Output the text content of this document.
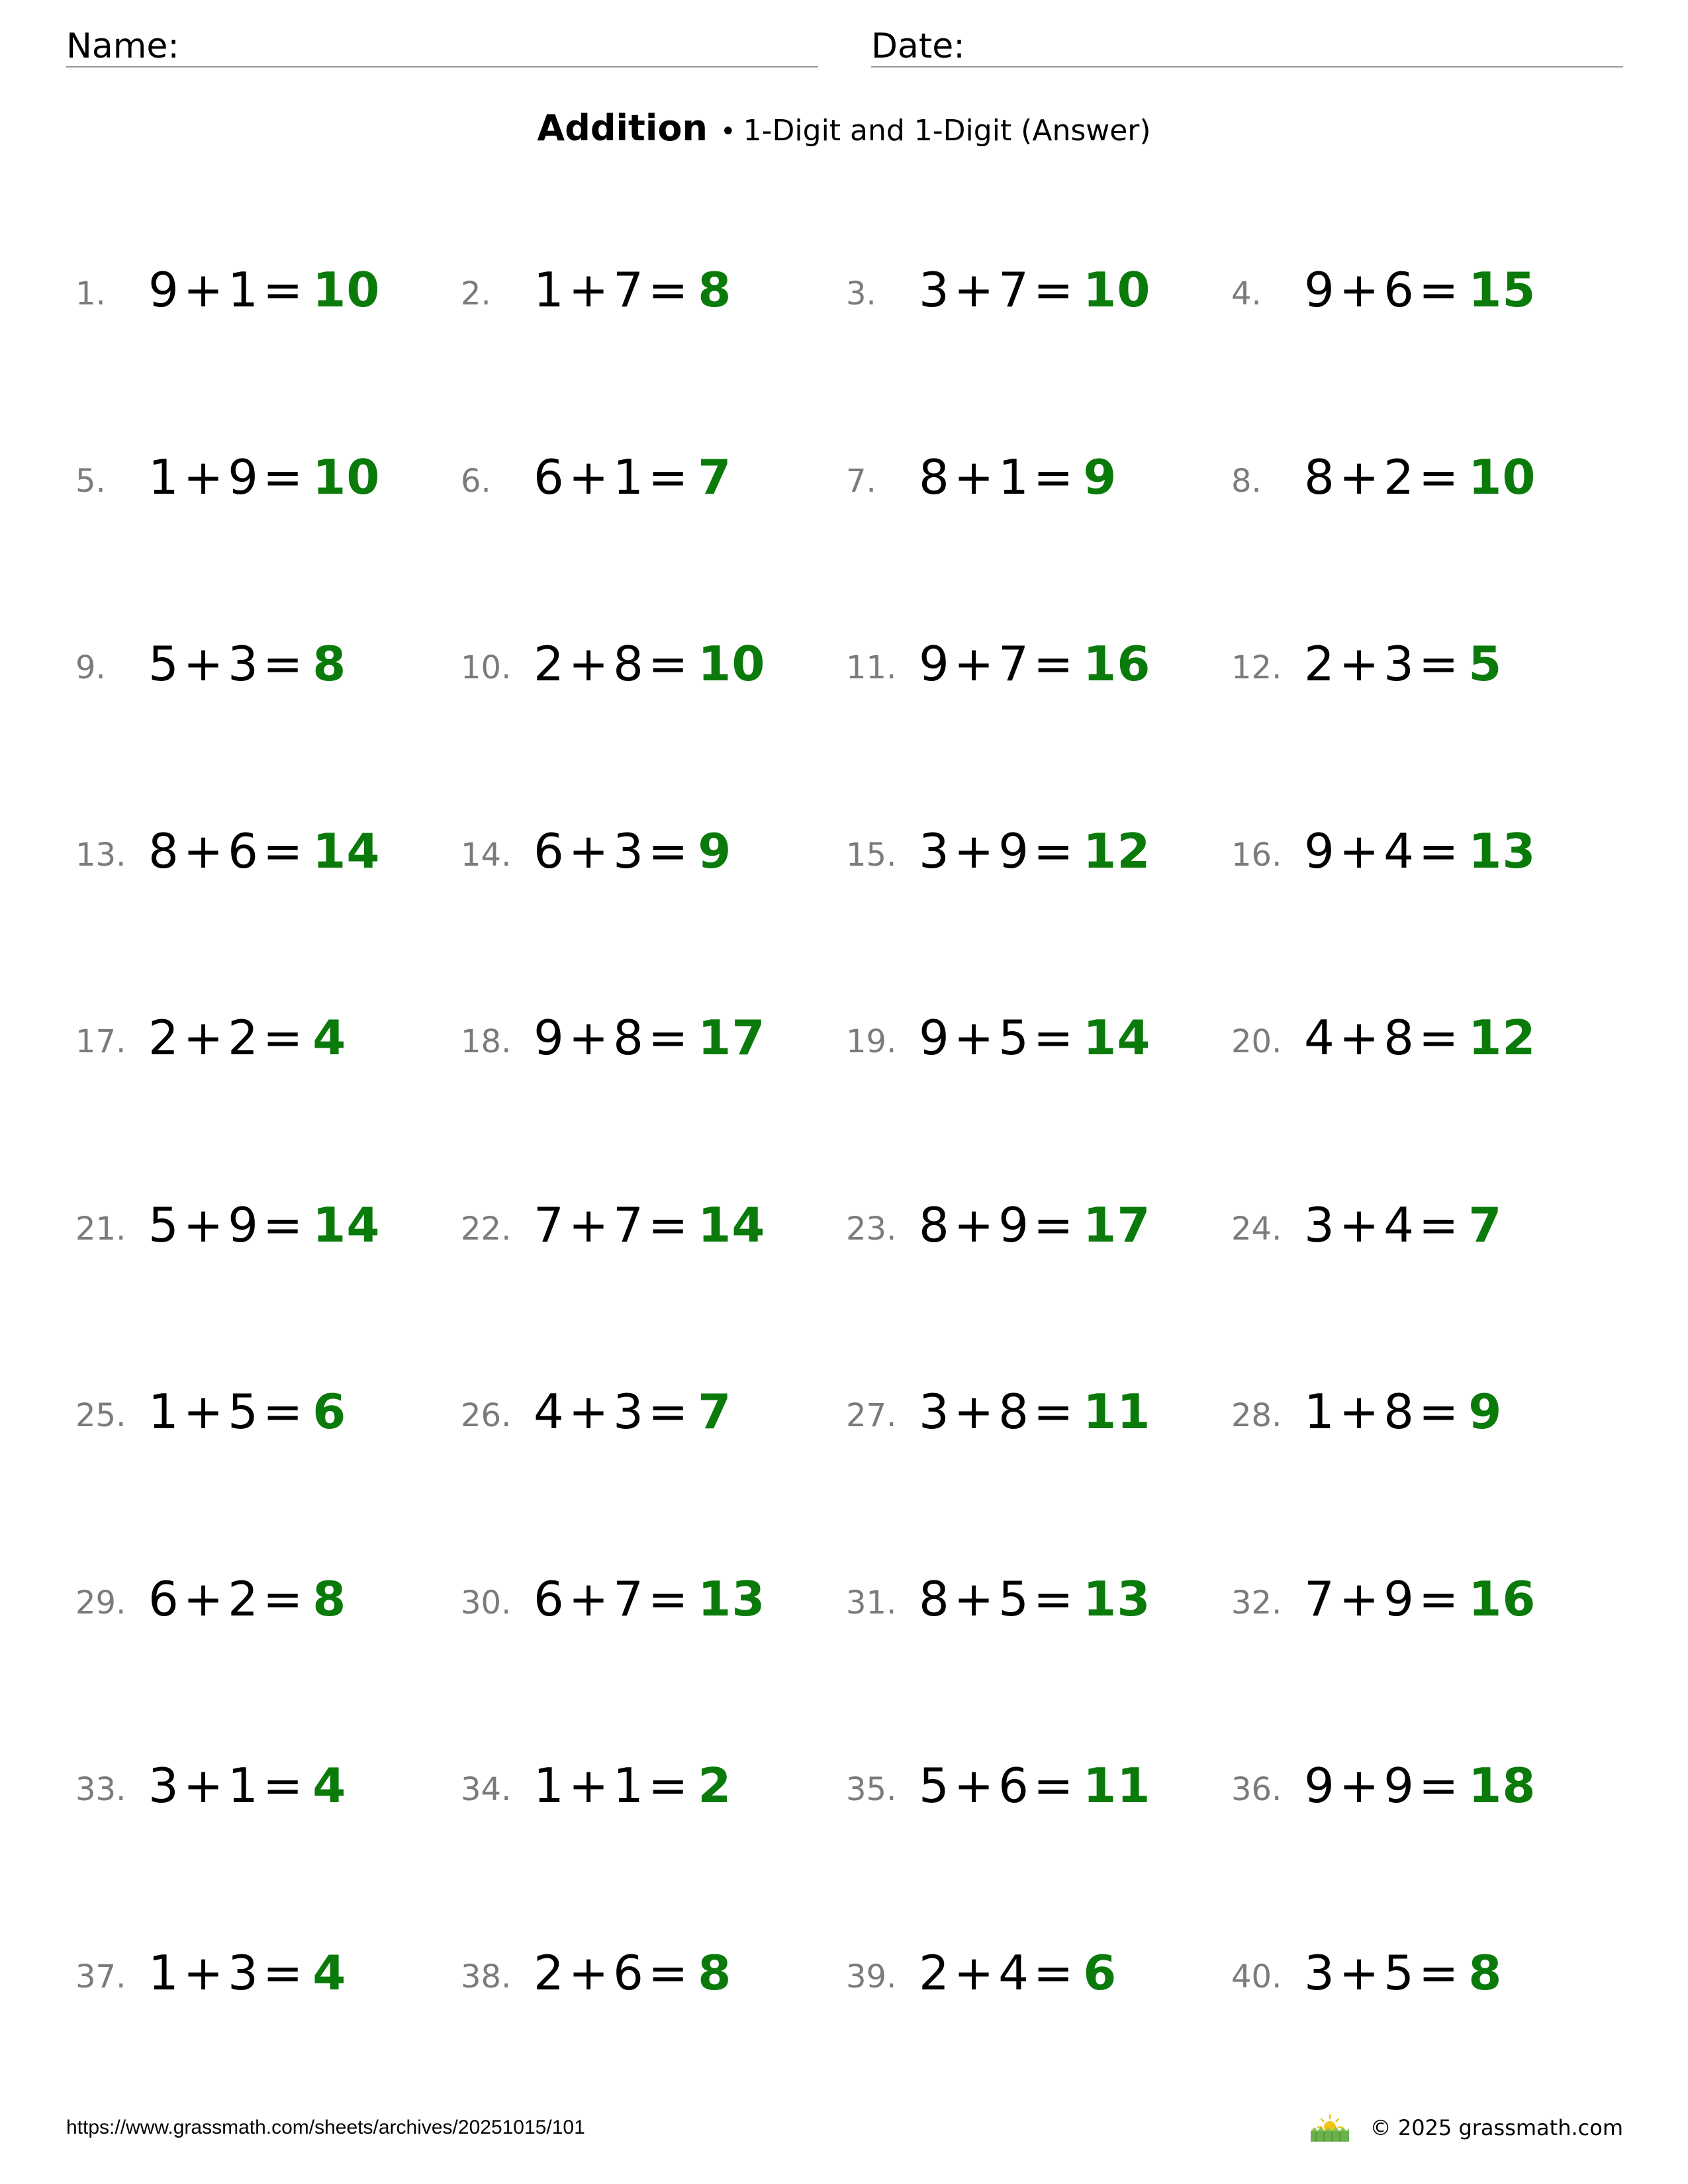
Name:	Date:
Addition • 1-Digit and 1-Digit (Answer)
1. 9+1= 10	2. 1+7= 8	3. 3+7= 10	4. 9+6= 15
5. 1+9= 10	6. 6+1= 7	7. 8+1= 9	8. 8+2= 10
9. 5+3= 8	10. 2+8= 10	11. 9+7= 16	12. 2+3= 5
13. 8+6= 14	14. 6+3= 9	15. 3+9= 12	16. 9+4= 13
17. 2+2= 4	18. 9+8= 17	19. 9+5= 14	20. 4+8= 12
21. 5+9= 14	22. 7+7= 14	23. 8+9= 17	24. 3+4= 7
25. 1+5= 6	26. 4+3= 7	27. 3+8= 11	28. 1+8= 9
29. 6+2= 8	30. 6+7= 13	31. 8+5= 13	32. 7+9= 16
33. 3+1= 4	34. 1+1= 2	35. 5+6= 11	36. 9+9= 18
37. 1+3= 4	38. 2+6= 8	39. 2+4= 6	40. 3+5= 8
https://www.grassmath.com/sheets/archives/20251015/101	© 2025 grassmath.com
